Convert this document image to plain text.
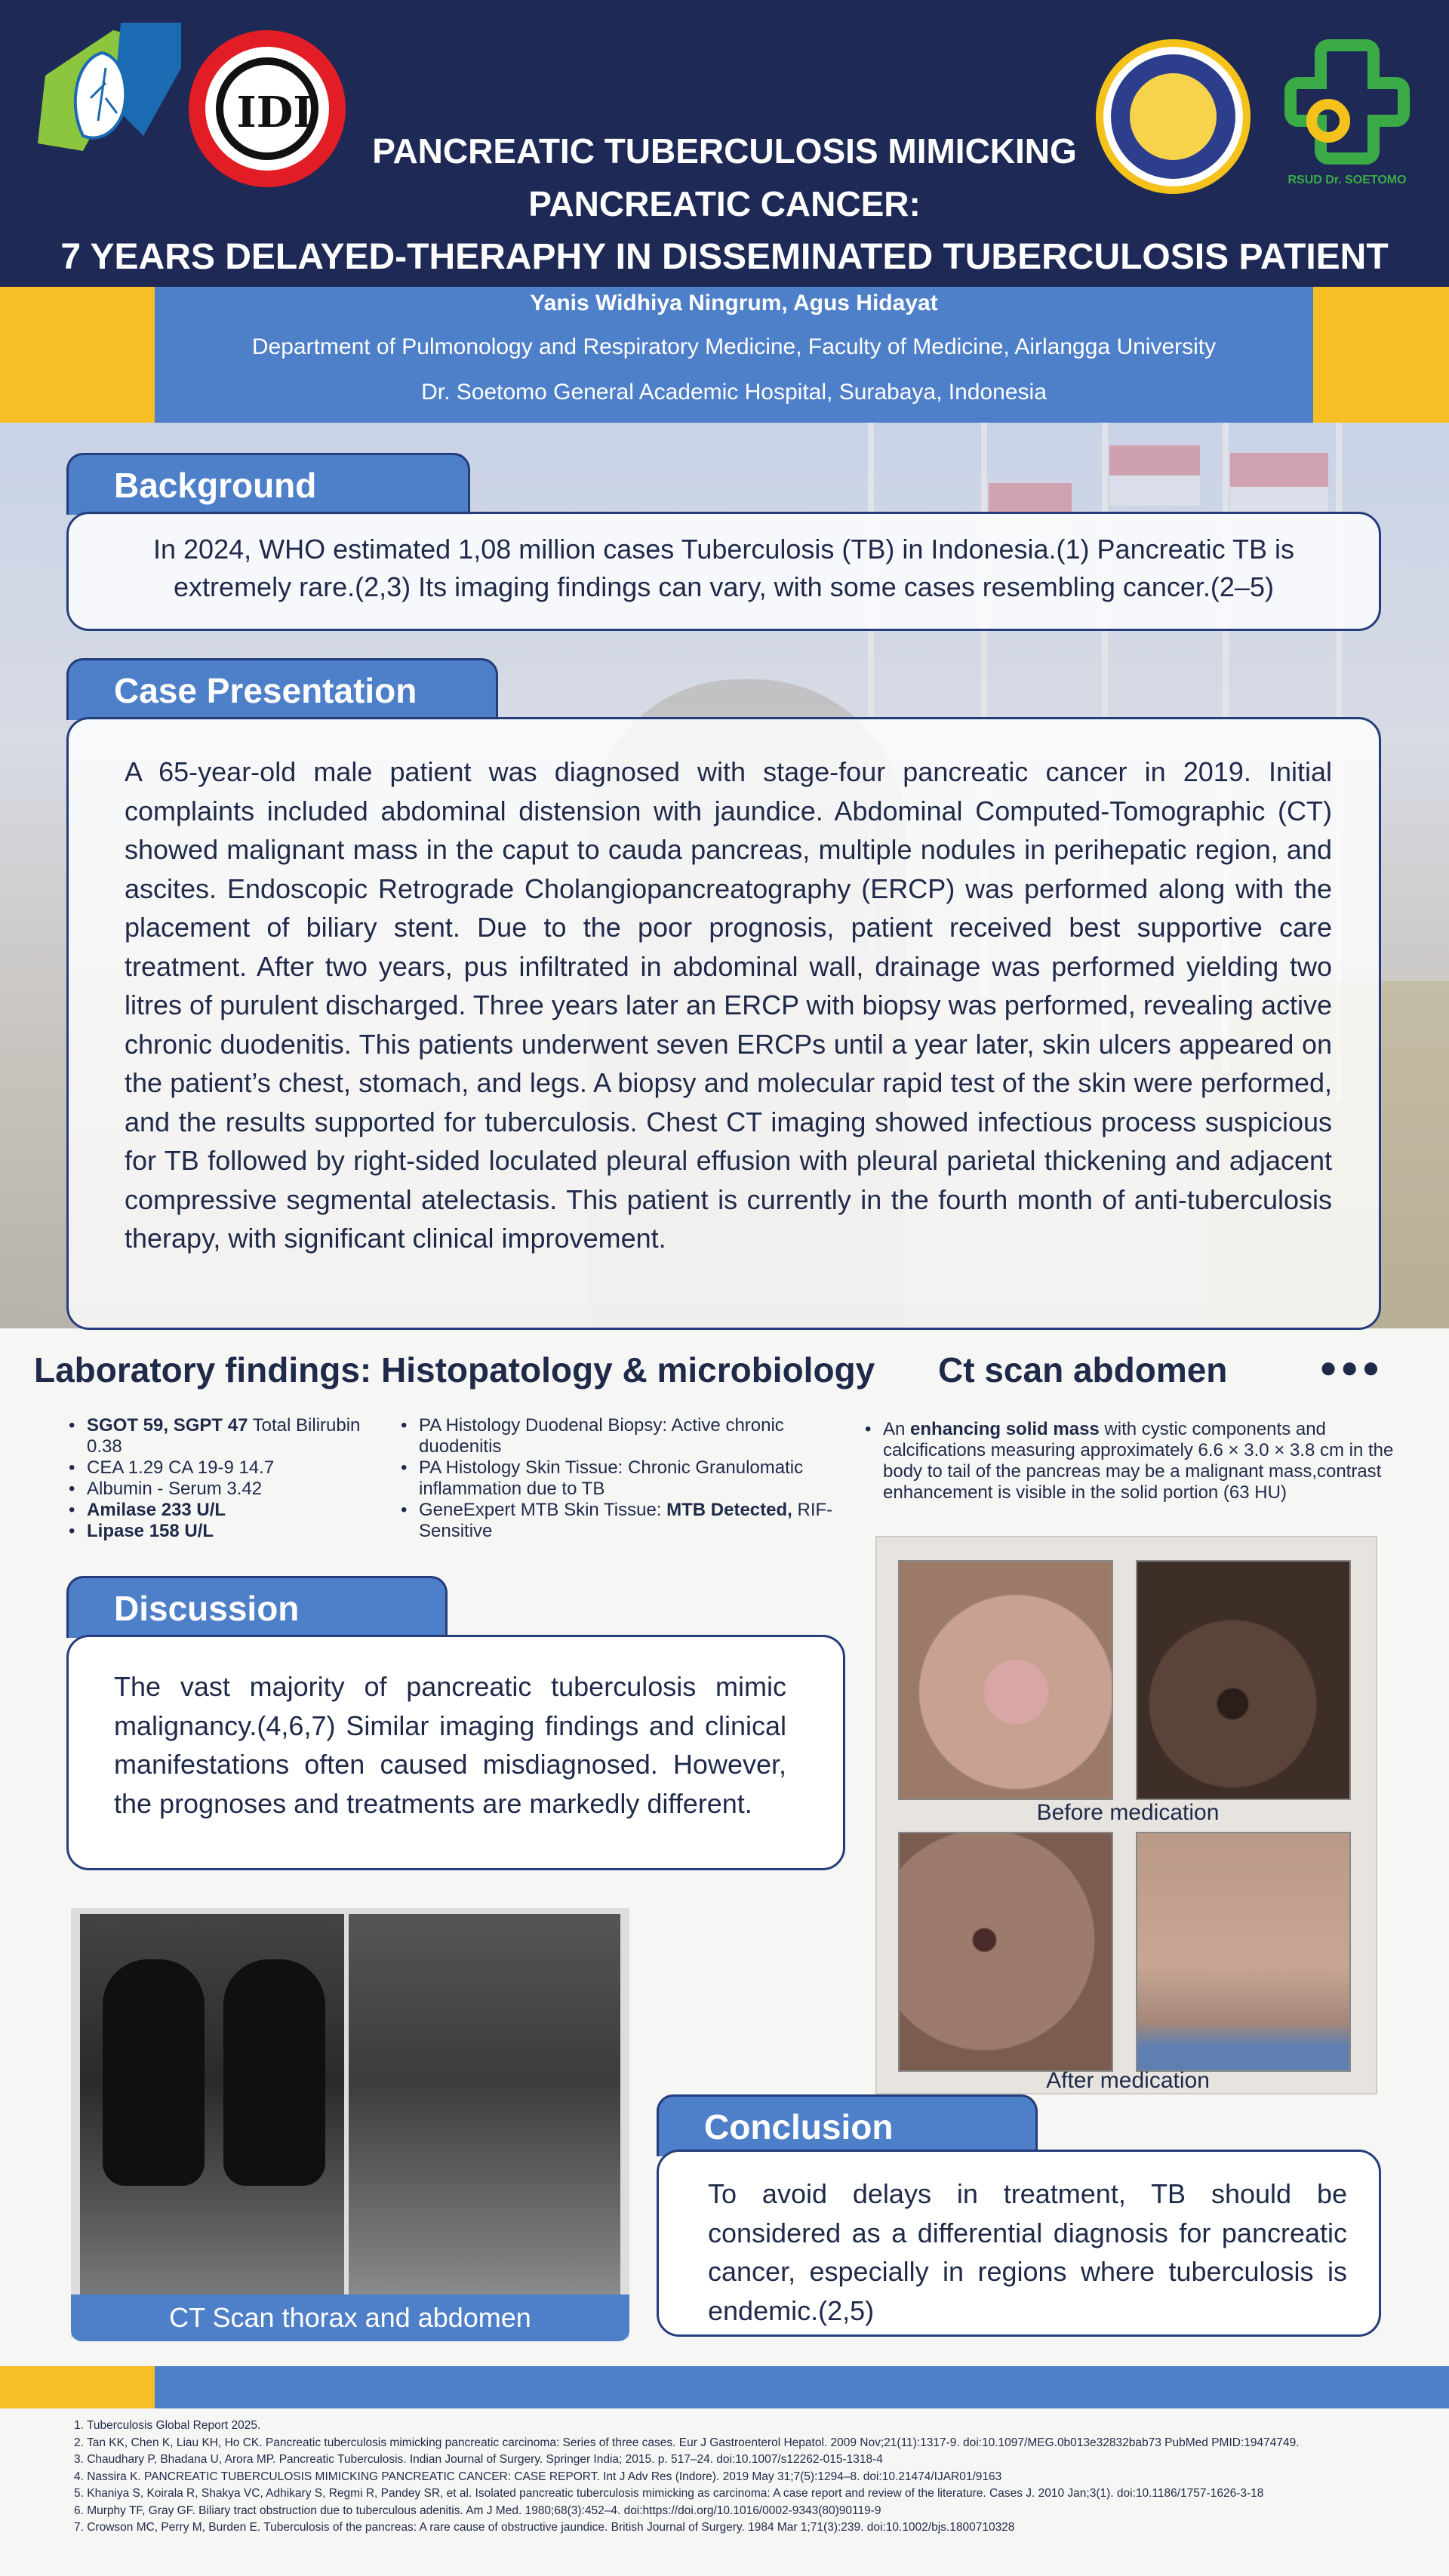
IDI
RSUD Dr. SOETOMO
PANCREATIC TUBERCULOSIS MIMICKING
PANCREATIC CANCER:
7 YEARS DELAYED-THERAPHY IN DISSEMINATED TUBERCULOSIS PATIENT
Yanis Widhiya Ningrum, Agus Hidayat
Department of Pulmonology and Respiratory Medicine, Faculty of Medicine, Airlangga University
Dr. Soetomo General Academic Hospital, Surabaya, Indonesia
Background

In 2024, WHO estimated 1,08 million cases Tuberculosis (TB) in Indonesia.(1) Pancreatic TB is extremely rare.(2,3) Its imaging findings can vary, with some cases resembling cancer.(2–5)

Case Presentation

A 65-year-old male patient was diagnosed with stage-four pancreatic cancer in 2019. Initial complaints included abdominal distension with jaundice. Abdominal Computed-Tomographic (CT) showed malignant mass in the caput to cauda pancreas, multiple nodules in perihepatic region, and ascites. Endoscopic Retrograde Cholangiopancreatography (ERCP) was performed along with the placement of biliary stent. Due to the poor prognosis, patient received best supportive care treatment. After two years, pus infiltrated in abdominal wall, drainage was performed yielding two litres of purulent discharged. Three years later an ERCP with biopsy was performed, revealing active chronic duodenitis. This patients underwent seven ERCPs until a year later, skin ulcers appeared on the patient’s chest, stomach, and legs. A biopsy and molecular rapid test of the skin were performed, and the results supported for tuberculosis. Chest CT imaging showed infectious process suspicious for TB followed by right-sided loculated pleural effusion with pleural parietal thickening and adjacent compressive segmental atelectasis. This patient is currently in the fourth month of anti-tuberculosis therapy, with significant clinical improvement.

Laboratory findings: Histopatology & microbiology Ct scan abdomen	●●●
• SGOT 59, SGPT 47 Total Bilirubin 0.38
• CEA 1.29 CA 19-9 14.7
• Albumin - Serum 3.42
• Amilase 233 U/L
• Lipase 158 U/L
• PA Histology Duodenal Biopsy: Active chronic duodenitis
• PA Histology Skin Tissue: Chronic Granulomatic inflammation due to TB
• GeneExpert MTB Skin Tissue: MTB Detected, RIF-Sensitive
• An enhancing solid mass with cystic components and calcifications measuring approximately 6.6 × 3.0 × 3.8 cm in the body to tail of the pancreas may be a malignant mass,contrast enhancement is visible in the solid portion (63 HU)
Discussion

The vast majority of pancreatic tuberculosis mimic malignancy.(4,6,7) Similar imaging findings and clinical manifestations often caused misdiagnosed. However, the prognoses and treatments are markedly different.

CT Scan thorax and abdomen
Before medication
After medication
Conclusion

To avoid delays in treatment, TB should be considered as a differential diagnosis for pancreatic cancer, especially in regions where tuberculosis is endemic.(2,5)

1. Tuberculosis Global Report 2025.
2. Tan KK, Chen K, Liau KH, Ho CK. Pancreatic tuberculosis mimicking pancreatic carcinoma: Series of three cases. Eur J Gastroenterol Hepatol. 2009 Nov;21(11):1317-9. doi:10.1097/MEG.0b013e32832bab73 PubMed PMID:19474749.
3. Chaudhary P, Bhadana U, Arora MP. Pancreatic Tuberculosis. Indian Journal of Surgery. Springer India; 2015. p. 517–24. doi:10.1007/s12262-015-1318-4
4. Nassira K. PANCREATIC TUBERCULOSIS MIMICKING PANCREATIC CANCER: CASE REPORT. Int J Adv Res (Indore). 2019 May 31;7(5):1294–8. doi:10.21474/IJAR01/9163
5. Khaniya S, Koirala R, Shakya VC, Adhikary S, Regmi R, Pandey SR, et al. Isolated pancreatic tuberculosis mimicking as carcinoma: A case report and review of the literature. Cases J. 2010 Jan;3(1). doi:10.1186/1757-1626-3-18
6. Murphy TF, Gray GF. Biliary tract obstruction due to tuberculous adenitis. Am J Med. 1980;68(3):452–4. doi:https://doi.org/10.1016/0002-9343(80)90119-9
7. Crowson MC, Perry M, Burden E. Tuberculosis of the pancreas: A rare cause of obstructive jaundice. British Journal of Surgery. 1984 Mar 1;71(3):239. doi:10.1002/bjs.1800710328
